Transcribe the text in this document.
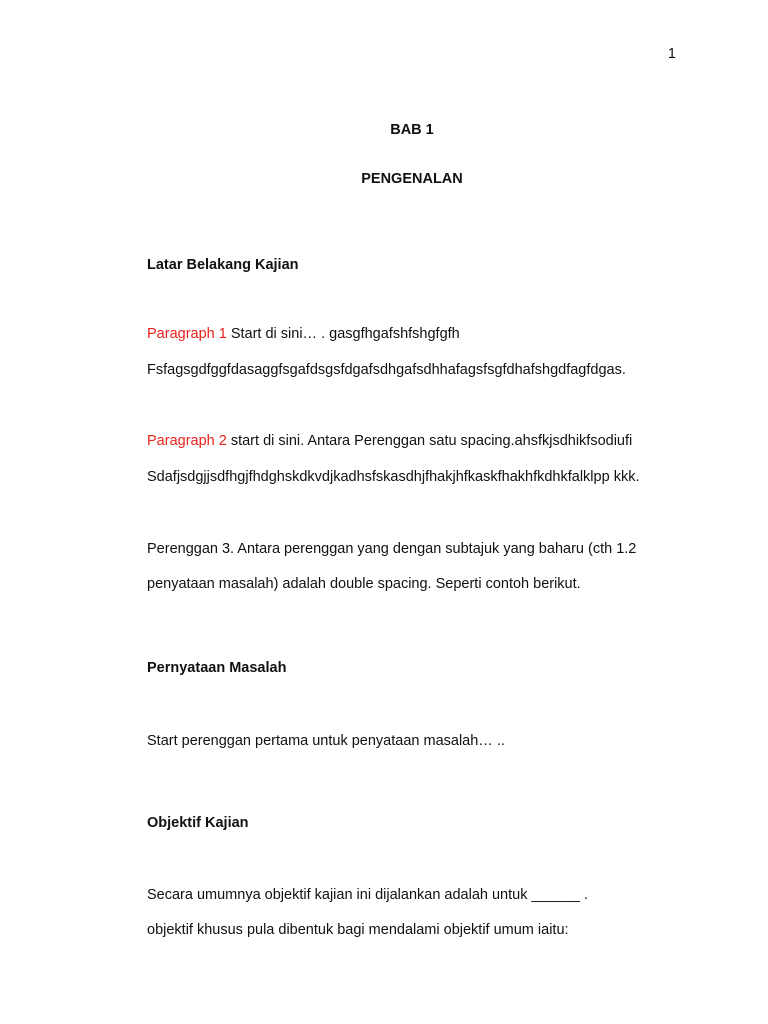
1
BAB 1
PENGENALAN
Latar Belakang Kajian
Paragraph 1 Start di sini… . gasgfhgafshfshgfgfh
Fsfagsgdfggfdasaggfsgafdsgsfdgafsdhgafsdhhafagsfsgfdhafshgdfagfdgas.
Paragraph 2 start di sini. Antara Perenggan satu spacing.ahsfkjsdhikfsodiufi
Sdafjsdgjjsdfhgjfhdghskdkvdjkadhsfskasdhjfhakjhfkaskfhakhfkdhkfalklpp kkk.
Perenggan 3. Antara perenggan yang dengan subtajuk yang baharu (cth 1.2
penyataan masalah) adalah double spacing. Seperti contoh berikut.
Pernyataan Masalah
Start perenggan pertama untuk penyataan masalah… ..
Objektif Kajian
Secara umumnya objektif kajian ini dijalankan adalah untuk ______ .
objektif khusus pula dibentuk bagi mendalami objektif umum iaitu:
